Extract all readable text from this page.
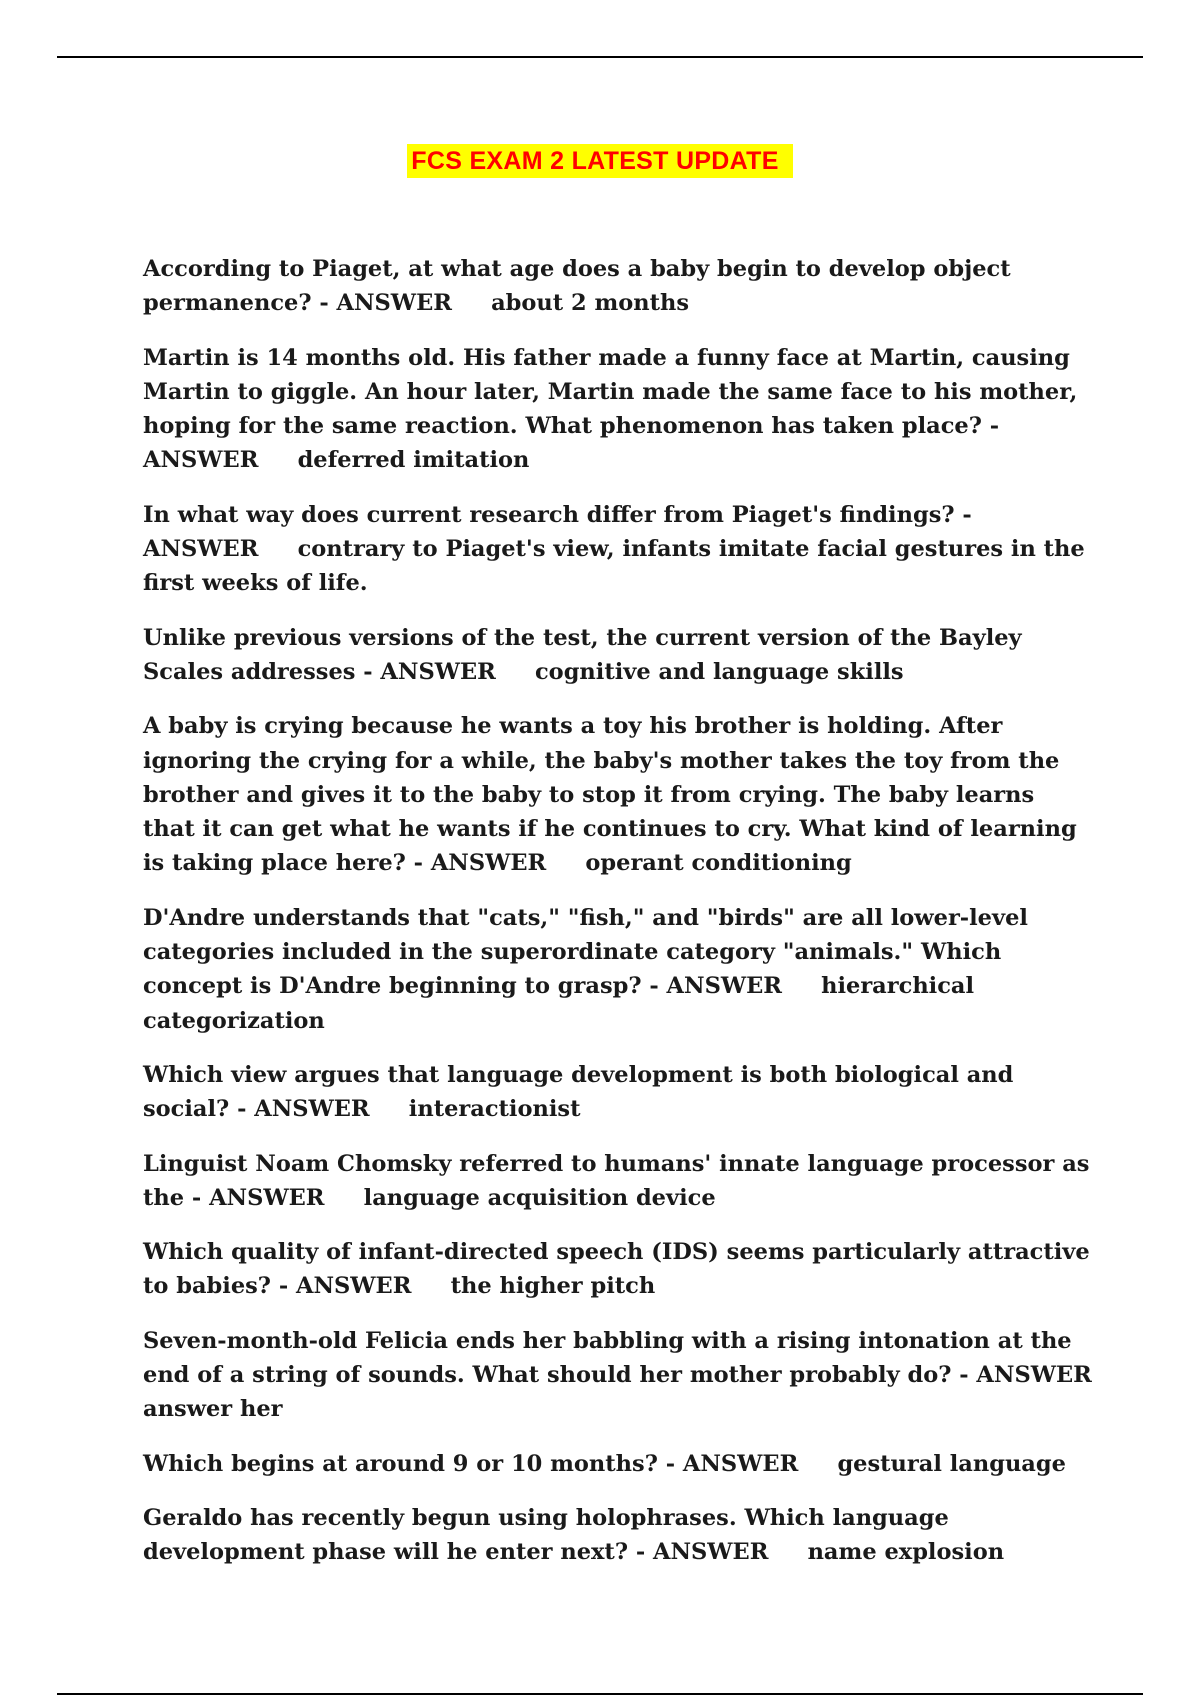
FCS EXAM 2 LATEST UPDATE

According to Piaget, at what age does a baby begin to develop object permanence? - ANSWER     about 2 months

Martin is 14 months old. His father made a funny face at Martin, causing Martin to giggle. An hour later, Martin made the same face to his mother, hoping for the same reaction. What phenomenon has taken place? - ANSWER     deferred imitation

In what way does current research differ from Piaget's findings? - ANSWER     contrary to Piaget's view, infants imitate facial gestures in the first weeks of life.

Unlike previous versions of the test, the current version of the Bayley Scales addresses - ANSWER     cognitive and language skills

A baby is crying because he wants a toy his brother is holding. After ignoring the crying for a while, the baby's mother takes the toy from the brother and gives it to the baby to stop it from crying. The baby learns that it can get what he wants if he continues to cry. What kind of learning is taking place here? - ANSWER     operant conditioning

D'Andre understands that "cats," "fish," and "birds" are all lower-level categories included in the superordinate category "animals." Which concept is D'Andre beginning to grasp? - ANSWER     hierarchical categorization

Which view argues that language development is both biological and social? - ANSWER     interactionist

Linguist Noam Chomsky referred to humans' innate language processor as the - ANSWER     language acquisition device

Which quality of infant-directed speech (IDS) seems particularly attractive to babies? - ANSWER     the higher pitch

Seven-month-old Felicia ends her babbling with a rising intonation at the end of a string of sounds. What should her mother probably do? - ANSWER     answer her

Which begins at around 9 or 10 months? - ANSWER     gestural language

Geraldo has recently begun using holophrases. Which language development phase will he enter next? - ANSWER     name explosion
